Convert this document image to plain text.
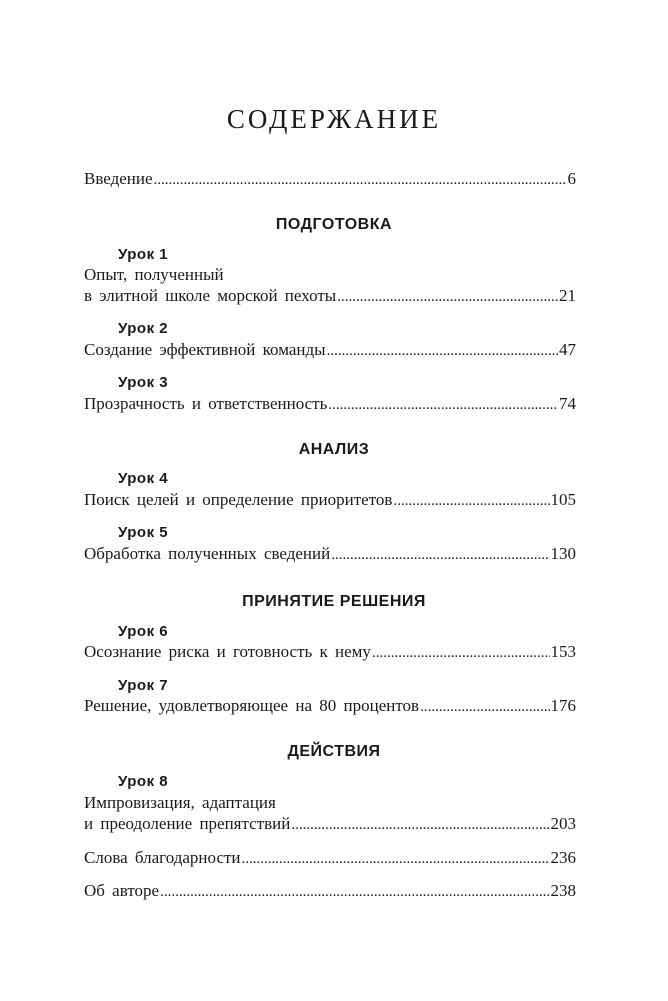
СОДЕРЖАНИЕ
Введение .....	6
ПОДГОТОВКА
Урок 1
Опыт, полученный
в элитной школе морской пехоты .....	21
Урок 2
Создание эффективной команды .....	47
Урок 3
Прозрачность и ответственность .....	74
АНАЛИЗ
Урок 4
Поиск целей и определение приоритетов .....	105
Урок 5
Обработка полученных сведений .....	130
ПРИНЯТИЕ РЕШЕНИЯ
Урок 6
Осознание риска и готовность к нему .....	153
Урок 7
Решение, удовлетворяющее на 80 процентов .....	176
ДЕЙСТВИЯ
Урок 8
Импровизация, адаптация
и преодоление препятствий .....	203
Слова благодарности .....	236
Об авторе .....	238
